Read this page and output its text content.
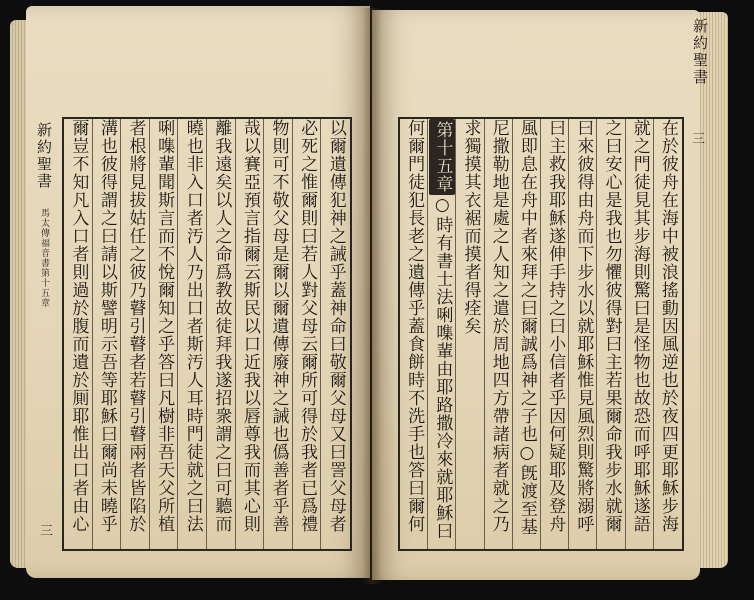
新約聖書
馬太傳福音書第十五章
三	以爾遺傳犯神之誡乎蓋神命曰敬爾父母又曰詈父母者
必死之惟爾則曰若人對父母云爾所可得於我者已爲禮
物則可不敬父母是爾以爾遺傳廢神之誡也僞善者乎善
哉以賽亞預言指爾云斯民以口近我以唇尊我而其心則
離我遠矣以人之命爲教故徒拜我遂招衆謂之曰可聽而
曉也非入口者汚人乃出口者斯汚人耳時門徒就之曰法
唎㗱輩聞斯言而不悅爾知之乎答曰凡樹非吾天父所植
者根將見拔姑任之彼乃瞽引瞽者若瞽引瞽兩者皆陷於
溝也彼得謂之曰請以斯譬明示吾等耶穌曰爾尚未曉乎
爾豈不知凡入口者則過於腹而遺於厠耶惟出口者由心	在於彼舟在海中被浪搖動因風逆也於夜四更耶穌步海
就之門徒見其步海則驚曰是怪物也故恐而呼耶穌遂語
之曰安心是我也勿懼彼得對曰主若果爾命我步水就爾
曰來彼得由舟而下步水以就耶穌惟見風烈則驚將溺呼
曰主救我耶穌遂伸手持之曰小信者乎因何疑耶及登舟
風即息在舟中者來拜之曰爾誠爲神之子也○旣渡至基
尼撒勒地是處之人知之遣於周地四方帶諸病者就之乃
求獨摸其衣裾而摸者得痊矣
第十五章
○時有書士法唎㗱輩由耶路撒冷來就耶穌曰
何爾門徒犯長老之遺傳乎蓋食餅時不洗手也答曰爾何
新約聖書
三
